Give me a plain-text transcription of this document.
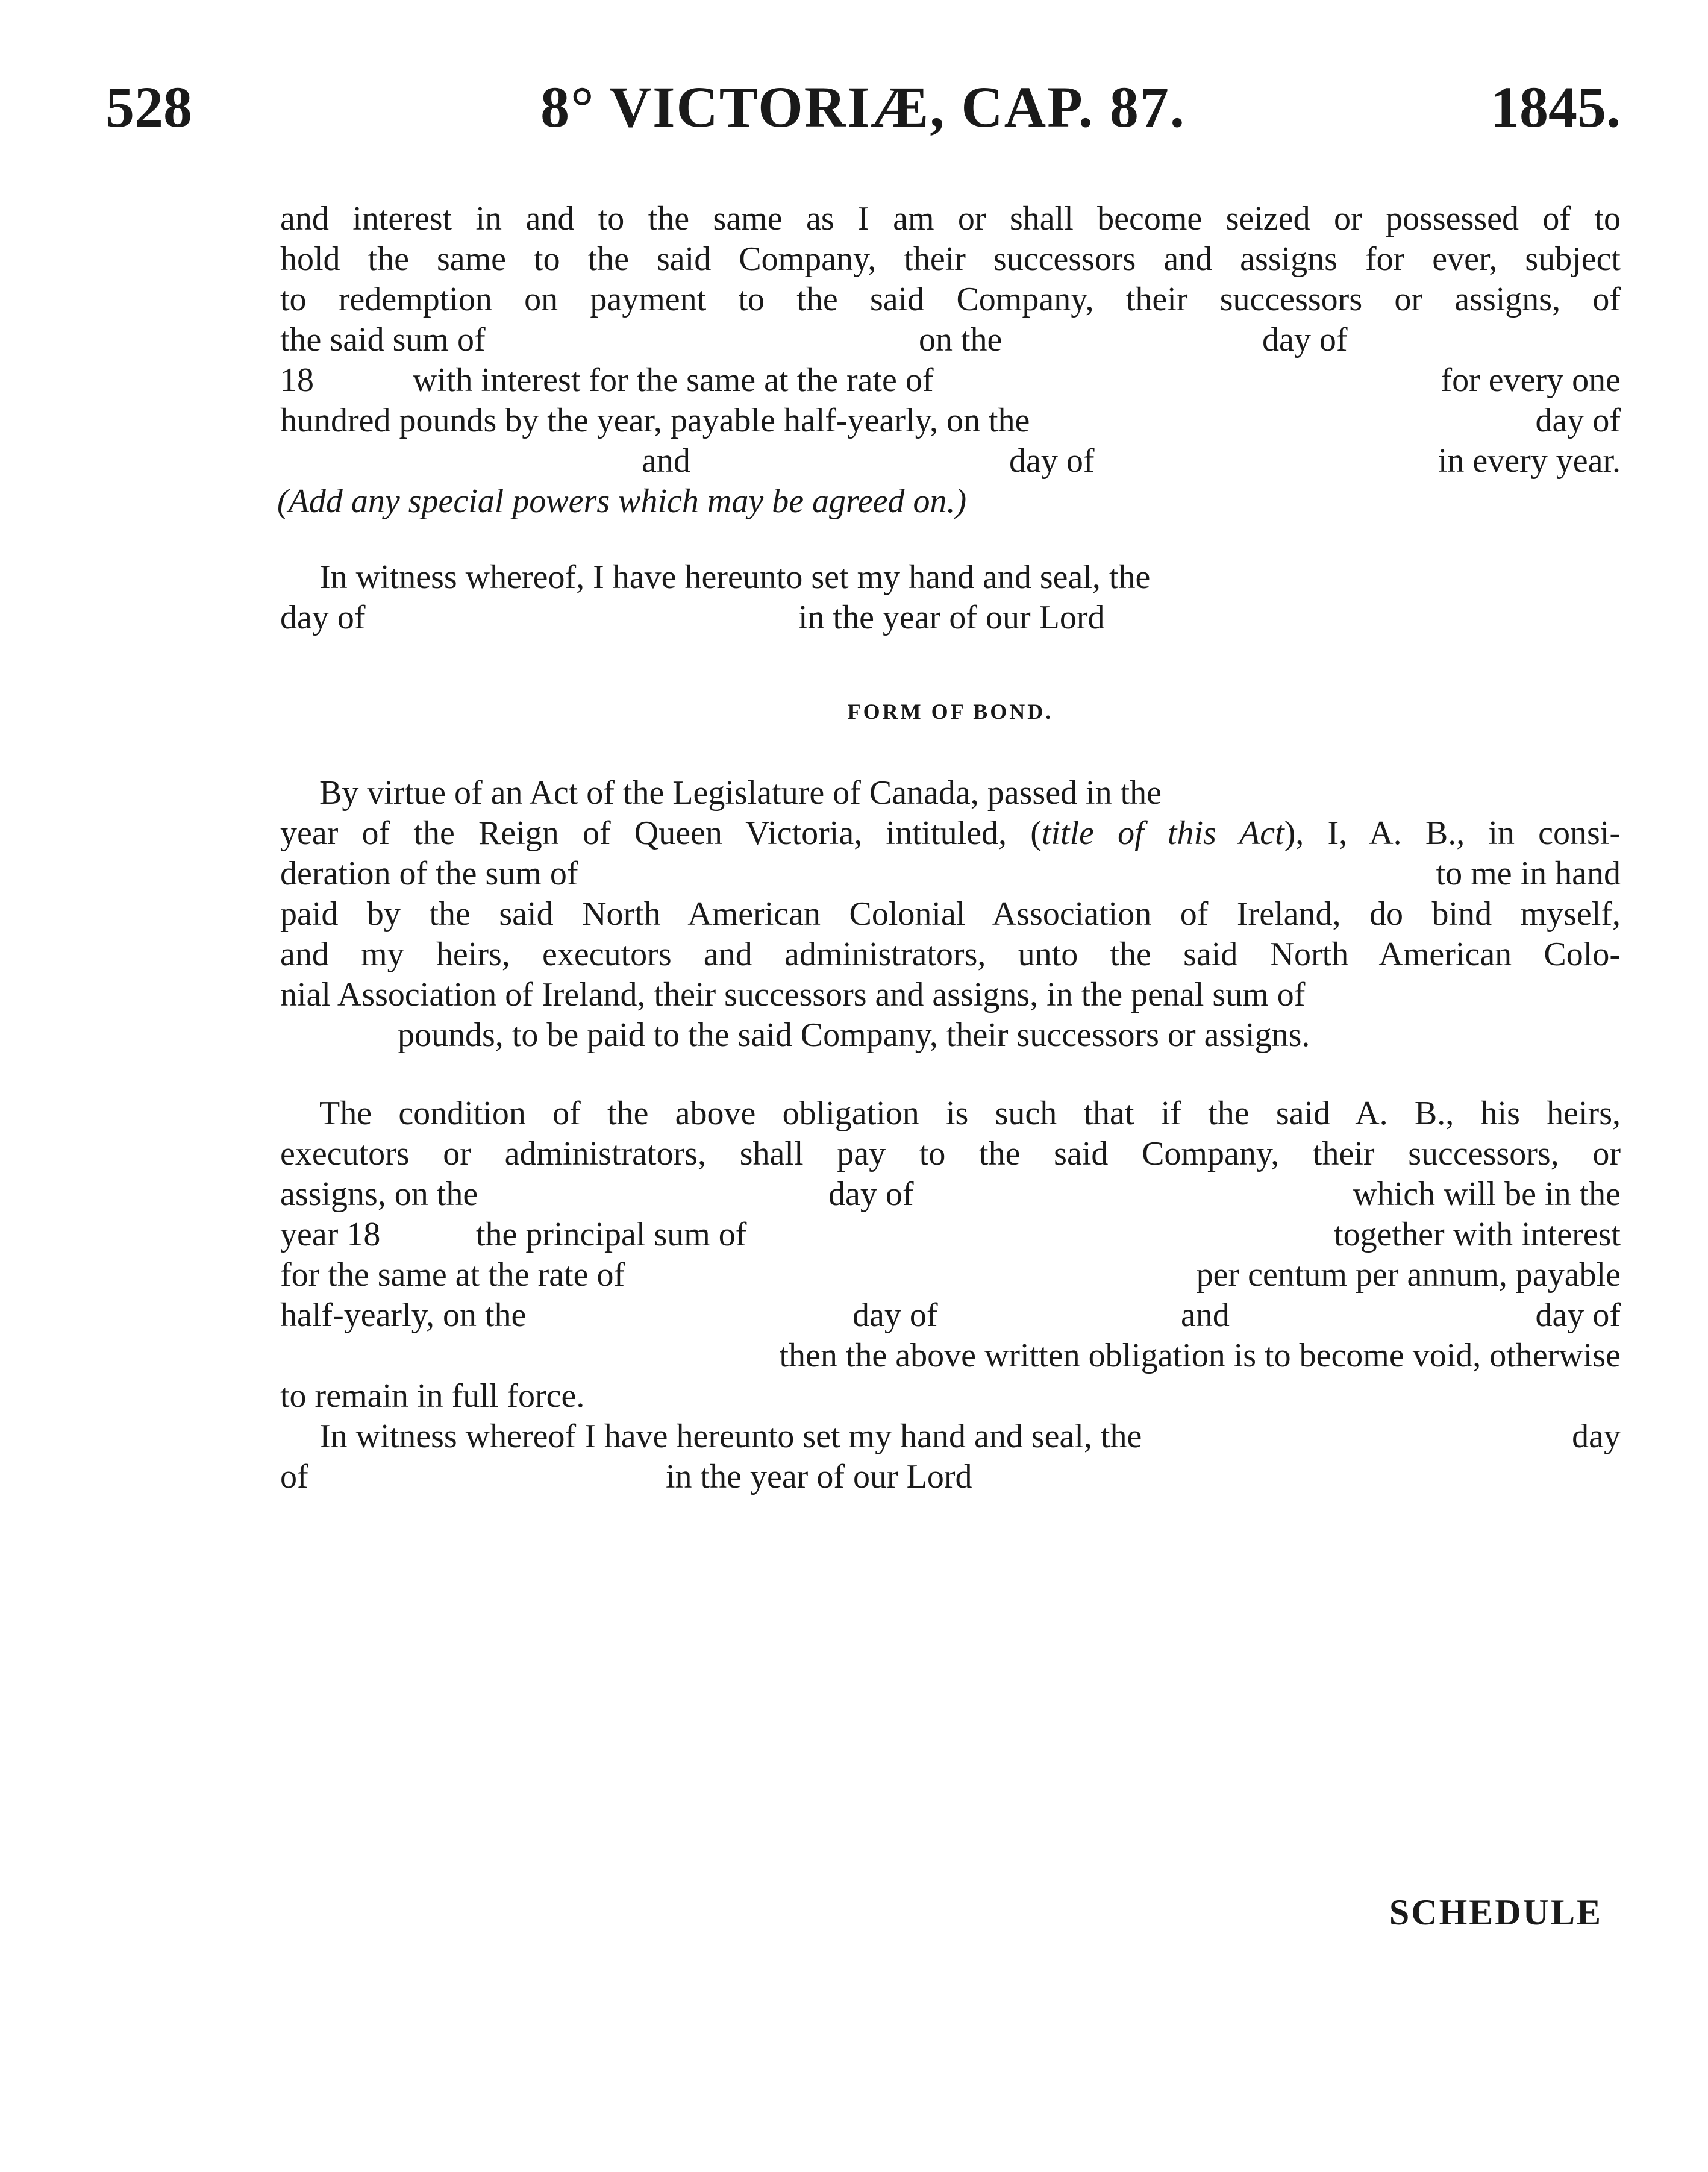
528	8° VICTORIÆ, CAP. 87.	1845.
and interest in and to the same as I am or shall become seized or possessed of to
hold the same to the said Company, their successors and assigns for ever, subject
to redemption on payment to the said Company, their successors or assigns, of
the said sum of	on the	day of
18	with interest for the same at the rate of	for every one
hundred pounds by the year, payable half-yearly, on the	day of
and	day of	in every year.
(Add any special powers which may be agreed on.)
In witness whereof, I have hereunto set my hand and seal, the
day of	in the year of our Lord
FORM OF BOND.
By virtue of an Act of the Legislature of Canada, passed in the
year of the Reign of Queen Victoria, intituled, (title of this Act), I, A. B., in consi-
deration of the sum of	to me in hand
paid by the said North American Colonial Association of Ireland, do bind myself,
and my heirs, executors and administrators, unto the said North American Colo-
nial Association of Ireland, their successors and assigns, in the penal sum of
pounds, to be paid to the said Company, their successors or assigns.
The condition of the above obligation is such that if the said A. B., his heirs,
executors or administrators, shall pay to the said Company, their successors, or
assigns, on the	day of	which will be in the
year 18	the principal sum of	together with interest
for the same at the rate of	per centum per annum, payable
half-yearly, on the	day of	and	day of
then the above written obligation is to become void, otherwise
to remain in full force.
In witness whereof I have hereunto set my hand and seal, the	day
of	in the year of our Lord
SCHEDULE
